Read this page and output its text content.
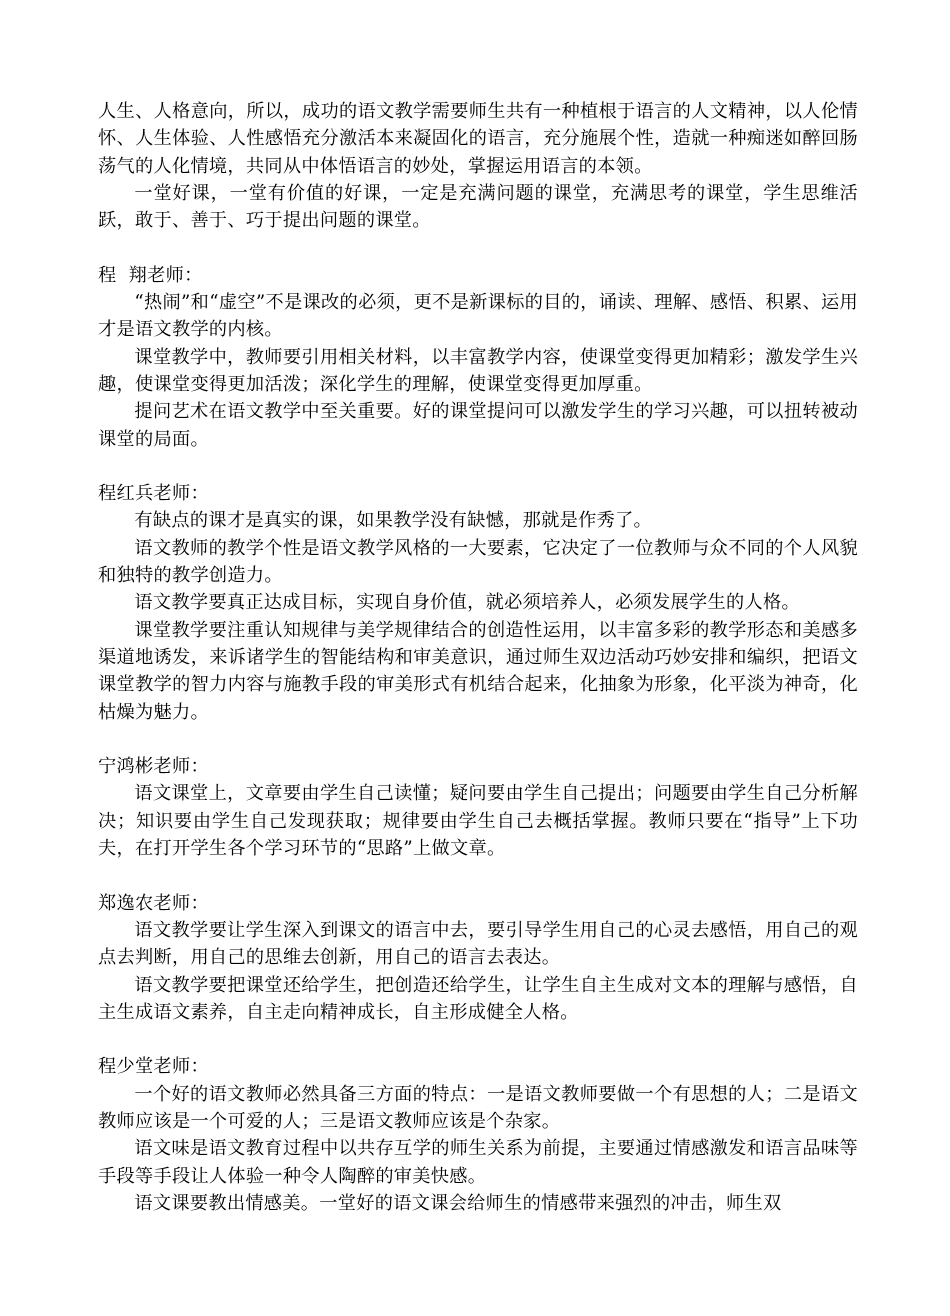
人生、人格意向，所以，成功的语文教学需要师生共有一种植根于语言的人文精神，以人伦情怀、人生体验、人性感悟充分激活本来凝固化的语言，充分施展个性，造就一种痴迷如醉回肠荡气的人化情境，共同从中体悟语言的妙处，掌握运用语言的本领。

一堂好课，一堂有价值的好课，一定是充满问题的课堂，充满思考的课堂，学生思维活跃，敢于、善于、巧于提出问题的课堂。

程  翔老师：

“热闹”和“虚空”不是课改的必须，更不是新课标的目的，诵读、理解、感悟、积累、运用才是语文教学的内核。

课堂教学中，教师要引用相关材料，以丰富教学内容，使课堂变得更加精彩；激发学生兴趣，使课堂变得更加活泼；深化学生的理解，使课堂变得更加厚重。

提问艺术在语文教学中至关重要。好的课堂提问可以激发学生的学习兴趣，可以扭转被动课堂的局面。

程红兵老师：

有缺点的课才是真实的课，如果教学没有缺憾，那就是作秀了。

语文教师的教学个性是语文教学风格的一大要素，它决定了一位教师与众不同的个人风貌和独特的教学创造力。

语文教学要真正达成目标，实现自身价值，就必须培养人，必须发展学生的人格。

课堂教学要注重认知规律与美学规律结合的创造性运用，以丰富多彩的教学形态和美感多渠道地诱发，来诉诸学生的智能结构和审美意识，通过师生双边活动巧妙安排和编织，把语文课堂教学的智力内容与施教手段的审美形式有机结合起来，化抽象为形象，化平淡为神奇，化枯燥为魅力。

宁鸿彬老师：

语文课堂上，文章要由学生自己读懂；疑问要由学生自己提出；问题要由学生自己分析解决；知识要由学生自己发现获取；规律要由学生自己去概括掌握。教师只要在“指导”上下功夫，在打开学生各个学习环节的“思路”上做文章。

郑逸农老师：

语文教学要让学生深入到课文的语言中去，要引导学生用自己的心灵去感悟，用自己的观点去判断，用自己的思维去创新，用自己的语言去表达。

语文教学要把课堂还给学生，把创造还给学生，让学生自主生成对文本的理解与感悟，自主生成语文素养，自主走向精神成长，自主形成健全人格。

程少堂老师：

一个好的语文教师必然具备三方面的特点：一是语文教师要做一个有思想的人；二是语文教师应该是一个可爱的人；三是语文教师应该是个杂家。

语文味是语文教育过程中以共存互学的师生关系为前提，主要通过情感激发和语言品味等手段等手段让人体验一种令人陶醉的审美快感。

语文课要教出情感美。一堂好的语文课会给师生的情感带来强烈的冲击，师生双
